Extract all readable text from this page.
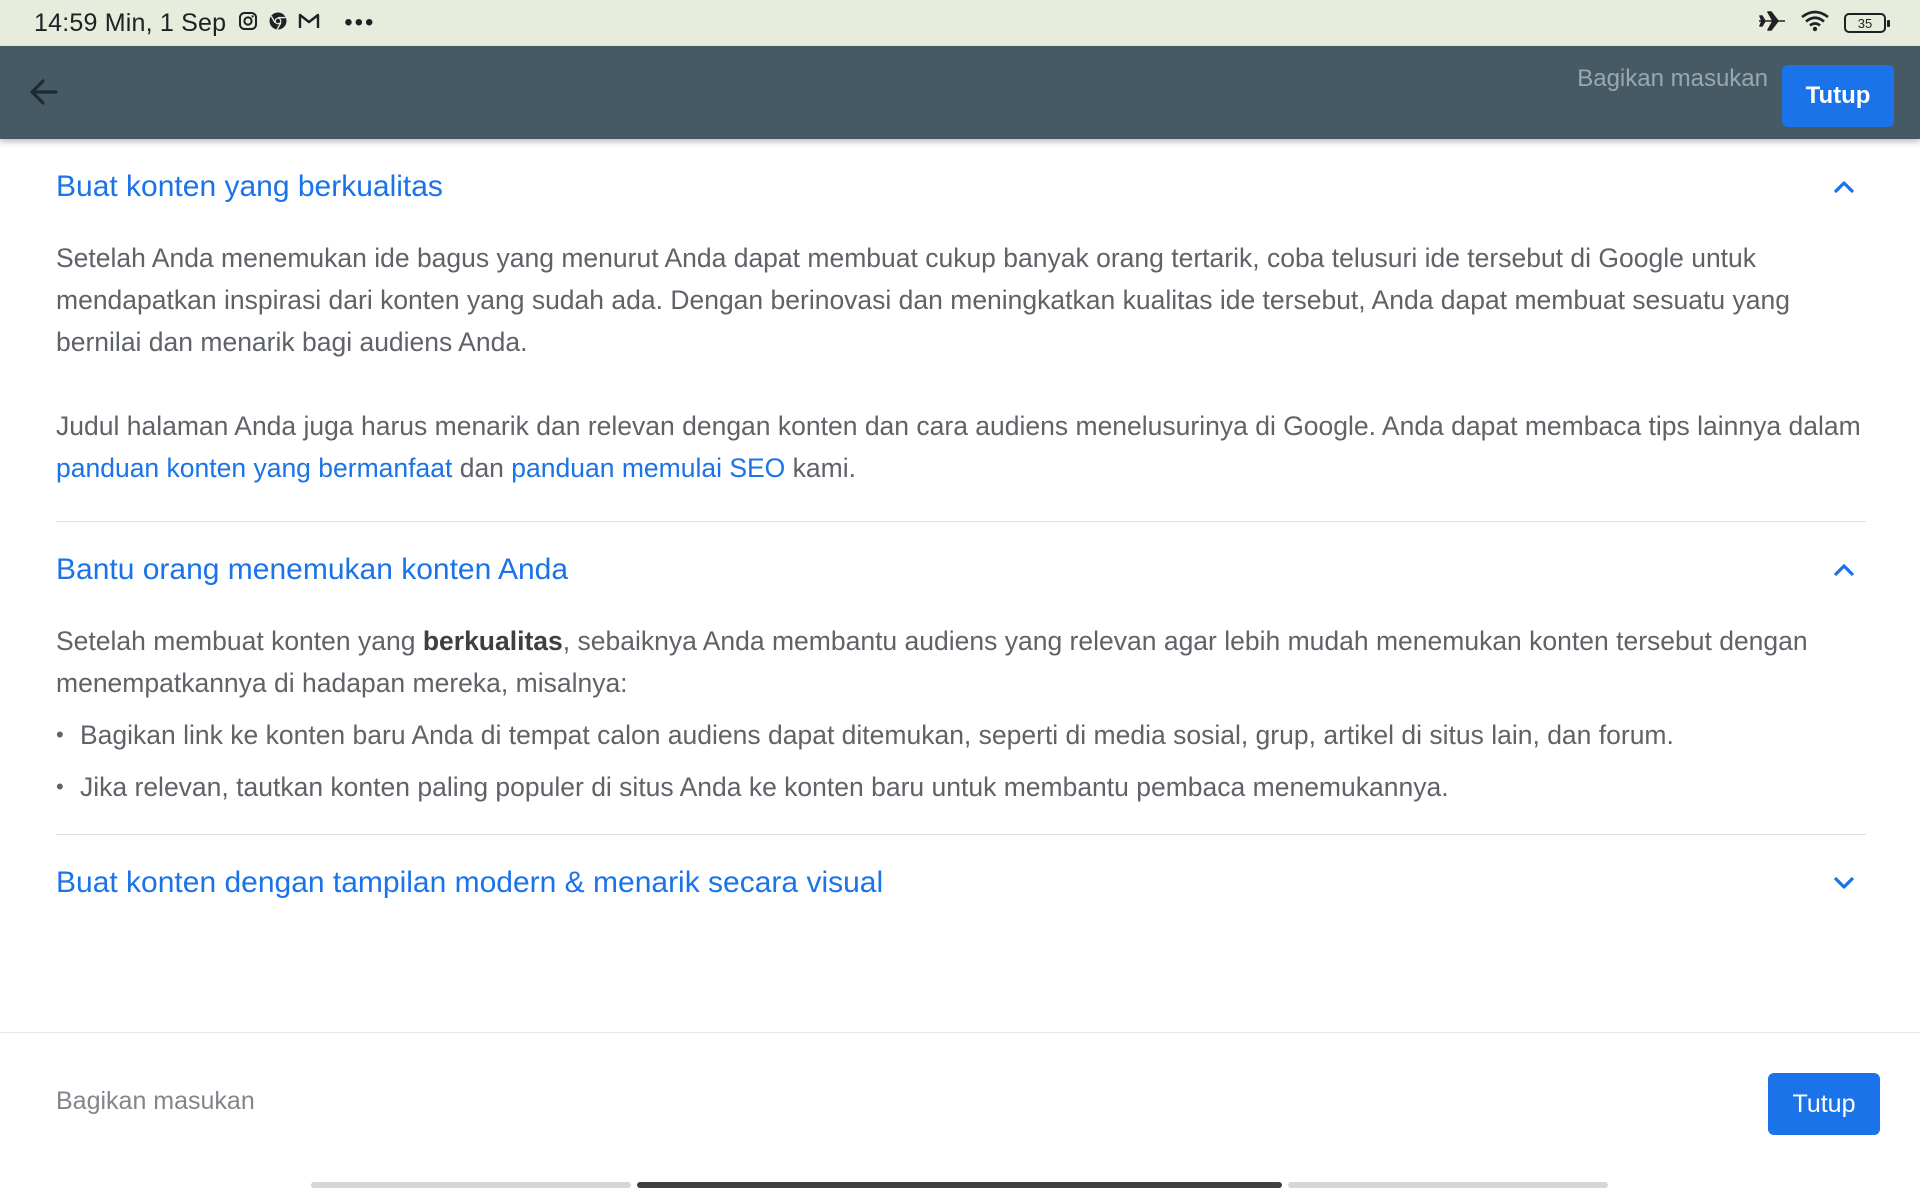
14:59 Min, 1 Sep	•••	35
Bagikan masukan
Tutup
Buat konten yang berkualitas

Setelah Anda menemukan ide bagus yang menurut Anda dapat membuat cukup banyak orang tertarik, coba telusuri ide tersebut di Google untuk mendapatkan inspirasi dari konten yang sudah ada. Dengan berinovasi dan meningkatkan kualitas ide tersebut, Anda dapat membuat sesuatu yang bernilai dan menarik bagi audiens Anda.

Judul halaman Anda juga harus menarik dan relevan dengan konten dan cara audiens menelusurinya di Google. Anda dapat membaca tips lainnya dalam panduan konten yang bermanfaat dan panduan memulai SEO kami.

Bantu orang menemukan konten Anda

Setelah membuat konten yang berkualitas, sebaiknya Anda membantu audiens yang relevan agar lebih mudah menemukan konten tersebut dengan menempatkannya di hadapan mereka, misalnya:

• Bagikan link ke konten baru Anda di tempat calon audiens dapat ditemukan, seperti di media sosial, grup, artikel di situs lain, dan forum.
• Jika relevan, tautkan konten paling populer di situs Anda ke konten baru untuk membantu pembaca menemukannya.
Buat konten dengan tampilan modern & menarik secara visual
Bagikan masukan	Tutup
